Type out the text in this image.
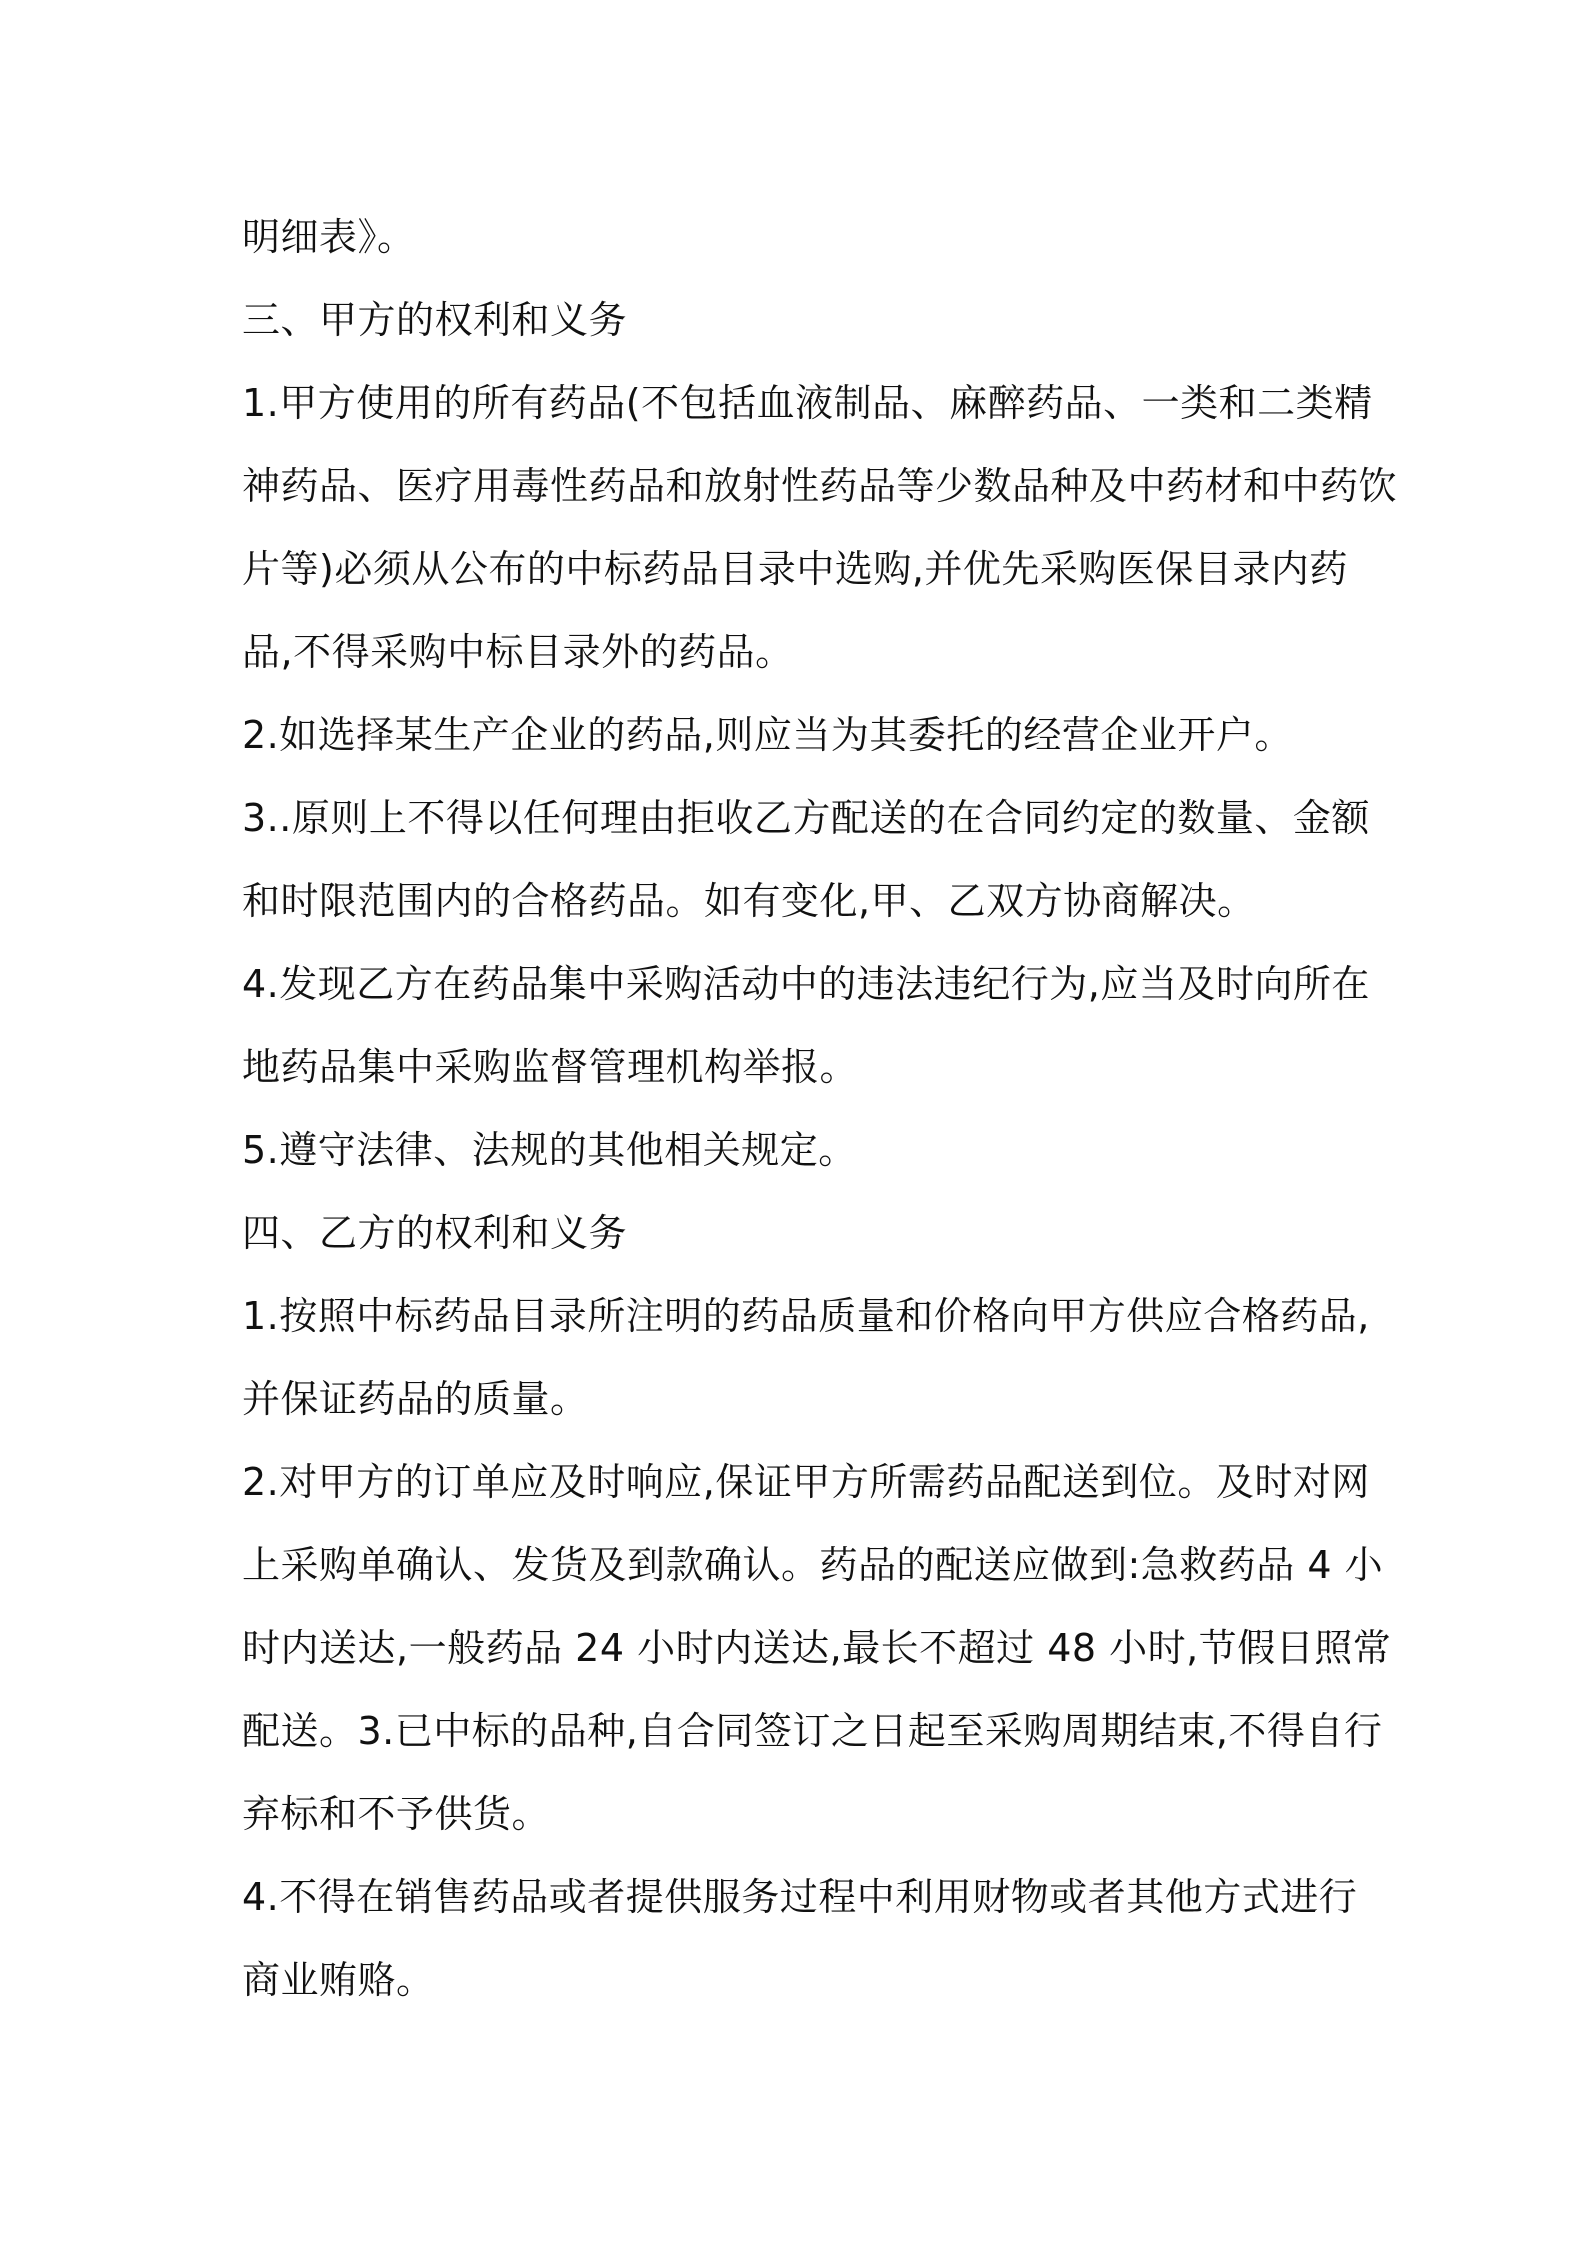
明细表》。

三、甲方的权利和义务

1.甲方使用的所有药品(不包括血液制品、麻醉药品、一类和二类精
神药品、医疗用毒性药品和放射性药品等少数品种及中药材和中药饮
片等)必须从公布的中标药品目录中选购,并优先采购医保目录内药
品,不得采购中标目录外的药品。

2.如选择某生产企业的药品,则应当为其委托的经营企业开户。

3..原则上不得以任何理由拒收乙方配送的在合同约定的数量、金额
和时限范围内的合格药品。如有变化,甲、乙双方协商解决。

4.发现乙方在药品集中采购活动中的违法违纪行为,应当及时向所在
地药品集中采购监督管理机构举报。

5.遵守法律、法规的其他相关规定。

四、乙方的权利和义务

1.按照中标药品目录所注明的药品质量和价格向甲方供应合格药品,
并保证药品的质量。

2.对甲方的订单应及时响应,保证甲方所需药品配送到位。及时对网
上采购单确认、发货及到款确认。药品的配送应做到:急救药品 4 小
时内送达,一般药品 24 小时内送达,最长不超过 48 小时,节假日照常
配送。3.已中标的品种,自合同签订之日起至采购周期结束,不得自行
弃标和不予供货。

4.不得在销售药品或者提供服务过程中利用财物或者其他方式进行
商业贿赂。
